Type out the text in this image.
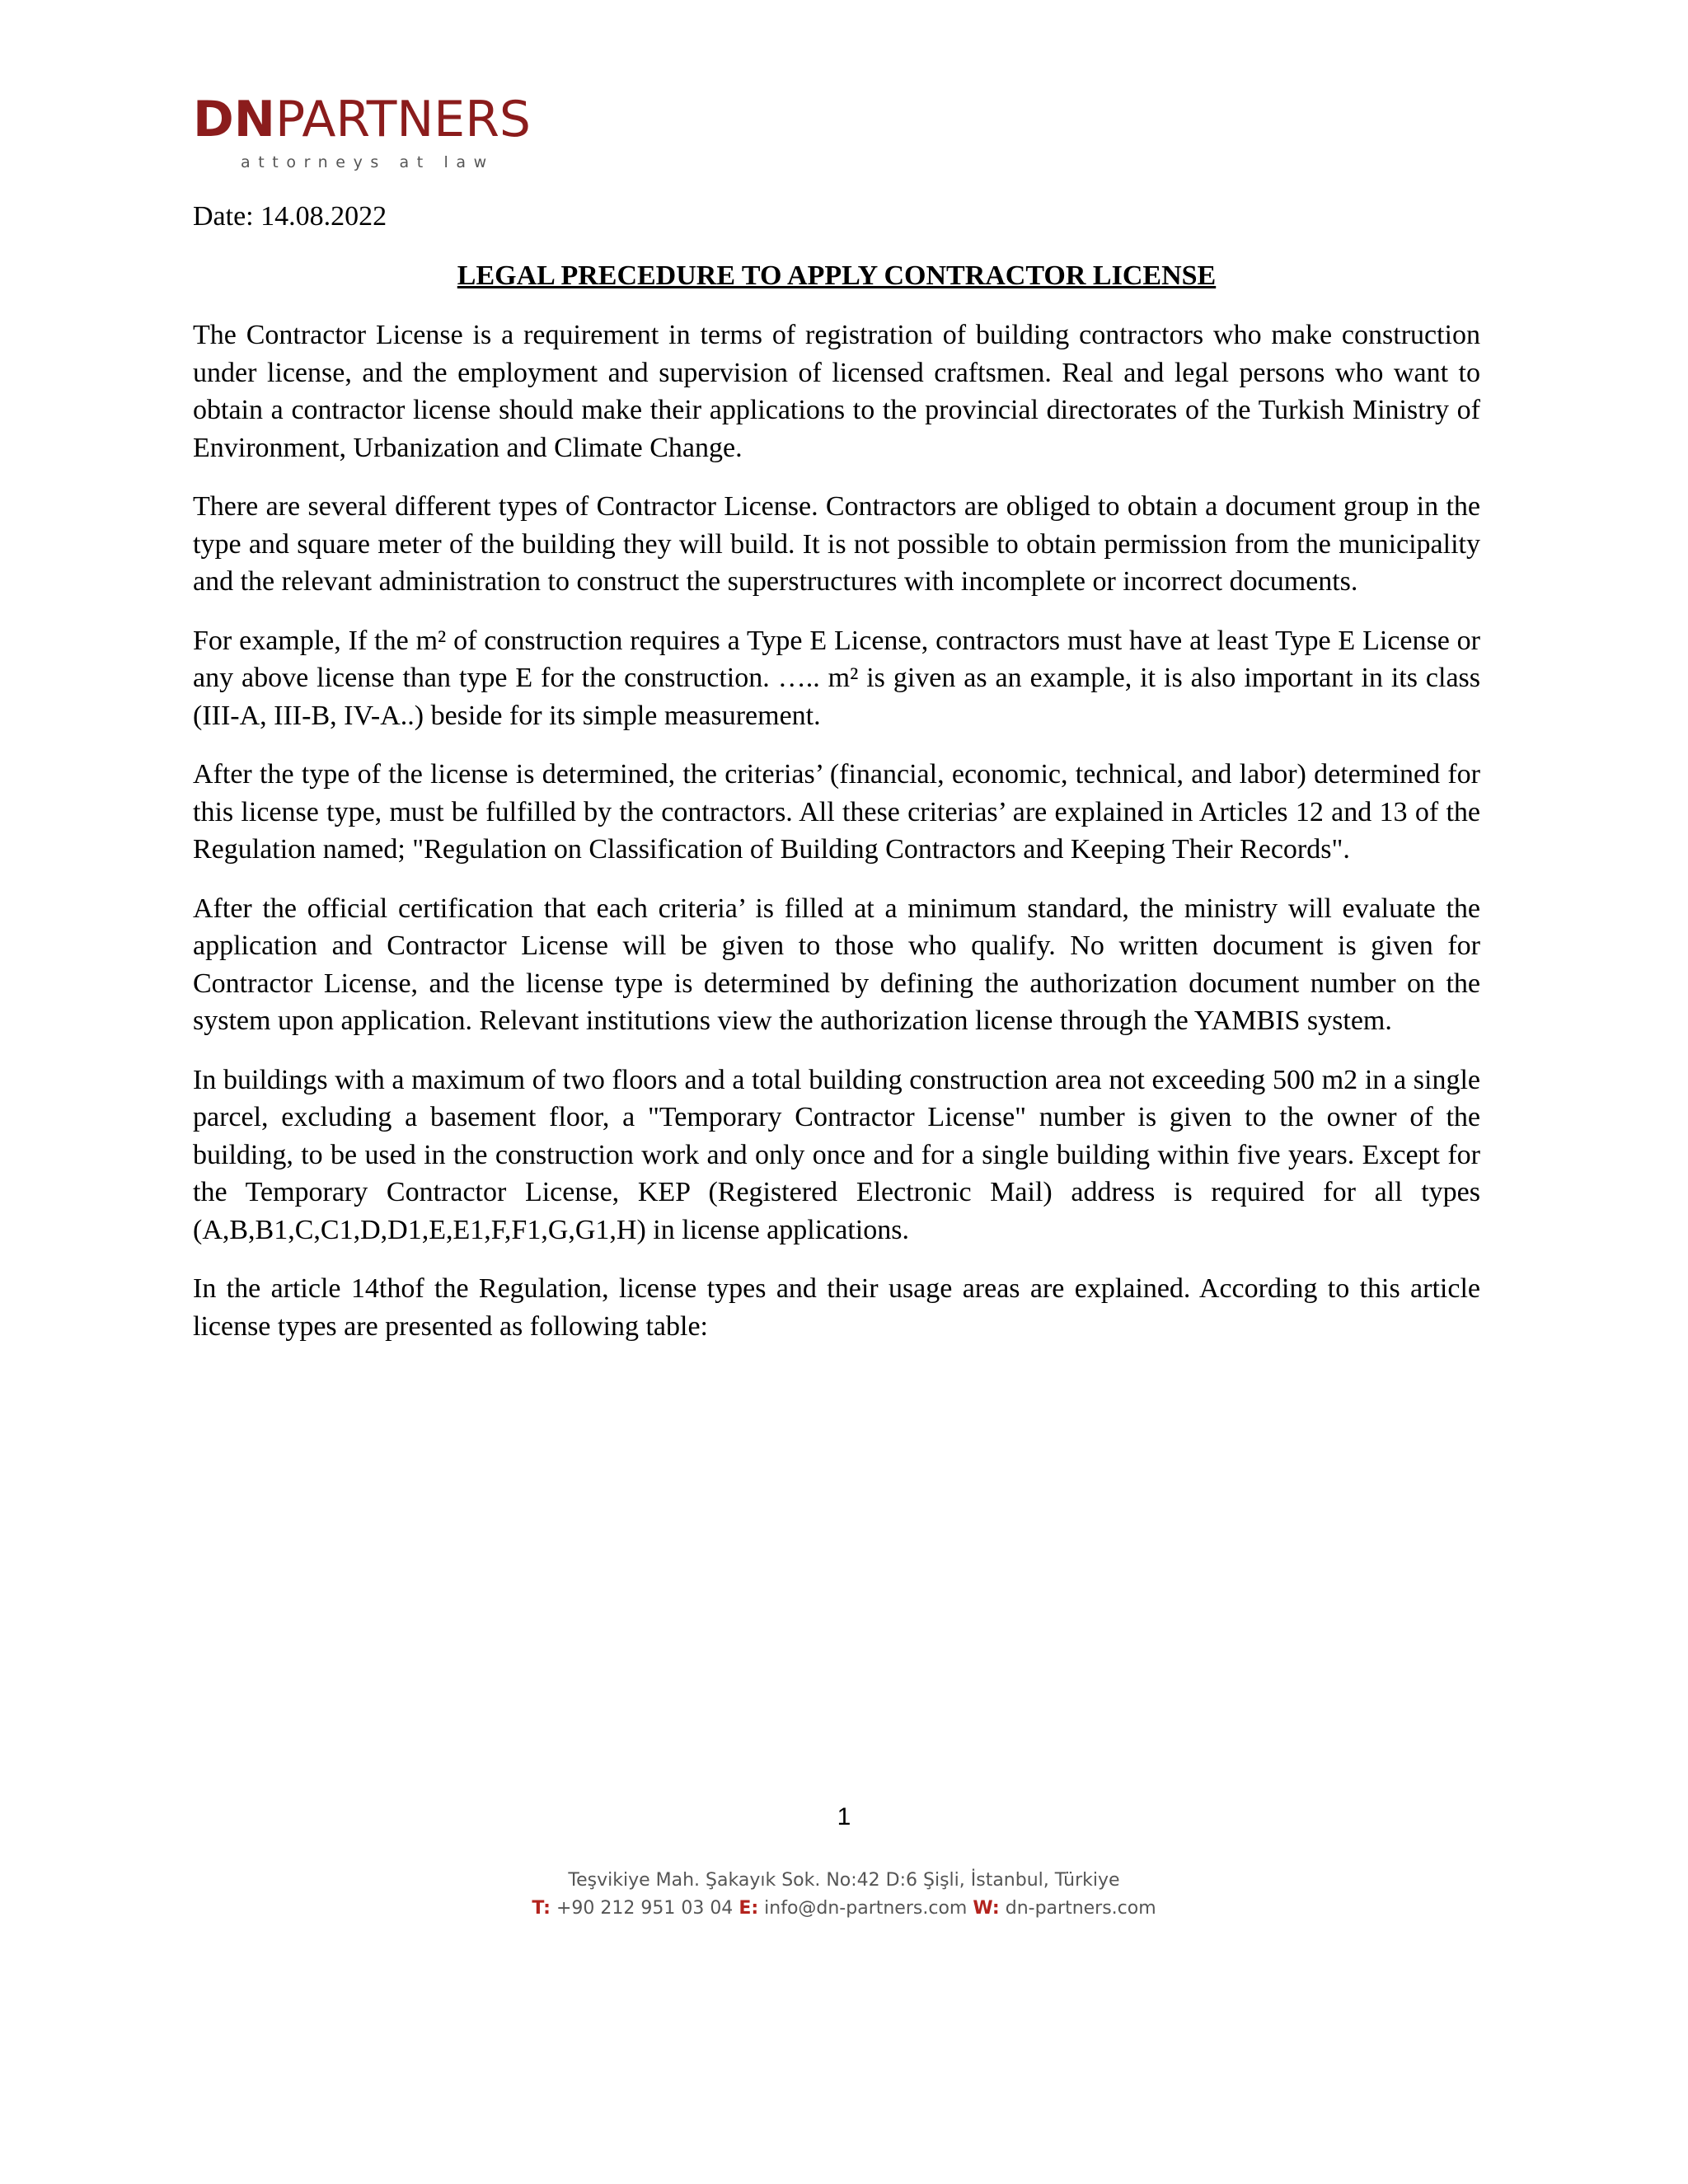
DNPARTNERS
attorneys at law
Date: 14.08.2022
LEGAL PRECEDURE TO APPLY CONTRACTOR LICENSE

The Contractor License is a requirement in terms of registration of building contractors who make construction under license, and the employment and supervision of licensed craftsmen. Real and legal persons who want to obtain a contractor license should make their applications to the provincial directorates of the Turkish Ministry of Environment, Urbanization and Climate Change.

There are several different types of Contractor License. Contractors are obliged to obtain a document group in the type and square meter of the building they will build. It is not possible to obtain permission from the municipality and the relevant administration to construct the superstructures with incomplete or incorrect documents.

For example, If the m² of construction requires a Type E License, contractors must have at least Type E License or any above license than type E for the construction. ….. m² is given as an example, it is also important in its class (III-A, III-B, IV-A..) beside for its simple measurement.

After the type of the license is determined, the criterias’ (financial, economic, technical, and labor) determined for this license type, must be fulfilled by the contractors. All these criterias’ are explained in Articles 12 and 13 of the Regulation named; "Regulation on Classification of Building Contractors and Keeping Their Records".

After the official certification that each criteria’ is filled at a minimum standard, the ministry will evaluate the application and Contractor License will be given to those who qualify. No written document is given for Contractor License, and the license type is determined by defining the authorization document number on the system upon application. Relevant institutions view the authorization license through the YAMBIS system.

In buildings with a maximum of two floors and a total building construction area not exceeding 500 m2 in a single parcel, excluding a basement floor, a "Temporary Contractor License" number is given to the owner of the building, to be used in the construction work and only once and for a single building within five years. Except for the Temporary Contractor License, KEP (Registered Electronic Mail) address is required for all types (A,B,B1,C,C1,D,D1,E,E1,F,F1,G,G1,H) in license applications.

In the article 14thof the Regulation, license types and their usage areas are explained. According to this article license types are presented as following table:

1
Teşvikiye Mah. Şakayık Sok. No:42 D:6 Şişli, İstanbul, Türkiye
T: +90 212 951 03 04 E: info@dn-partners.com W: dn-partners.com
